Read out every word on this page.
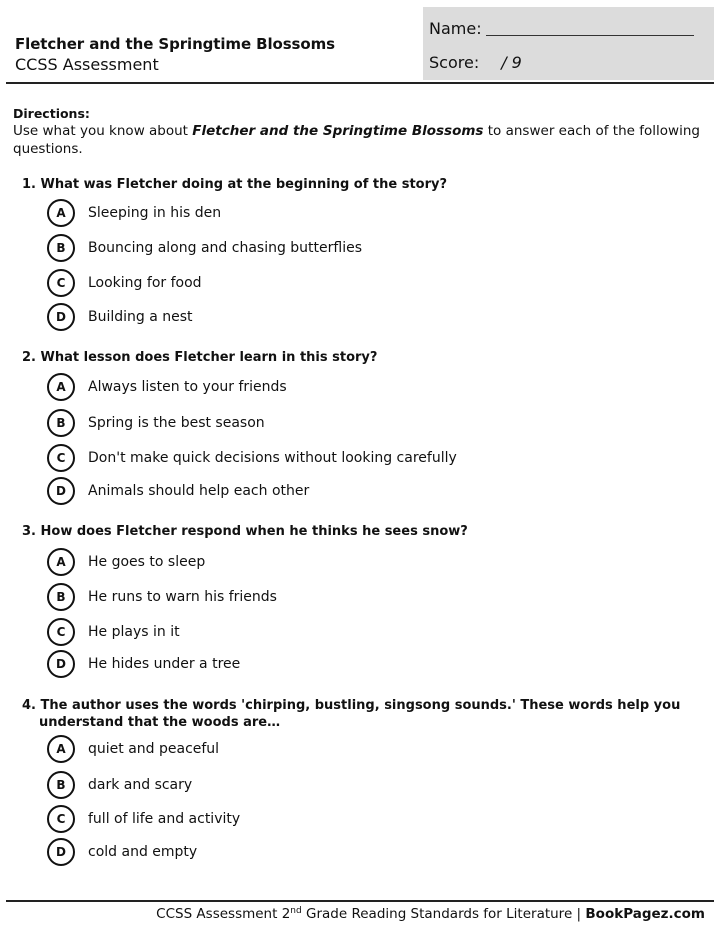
Fletcher and the Springtime Blossoms
CCSS Assessment
Name:
Score: / 9
Directions:
Use what you know about Fletcher and the Springtime Blossoms to answer each of the following questions.
1. What was Fletcher doing at the beginning of the story?
A	Sleeping in his den
B	Bouncing along and chasing butterflies
C	Looking for food
D	Building a nest
2. What lesson does Fletcher learn in this story?
A	Always listen to your friends
B	Spring is the best season
C	Don't make quick decisions without looking carefully
D	Animals should help each other
3. How does Fletcher respond when he thinks he sees snow?
A	He goes to sleep
B	He runs to warn his friends
C	He plays in it
D	He hides under a tree
4. The author uses the words 'chirping, bustling, singsong sounds.' These words help you
understand that the woods are…
A	quiet and peaceful
B	dark and scary
C	full of life and activity
D	cold and empty
CCSS Assessment 2nd Grade Reading Standards for Literature | BookPagez.com
